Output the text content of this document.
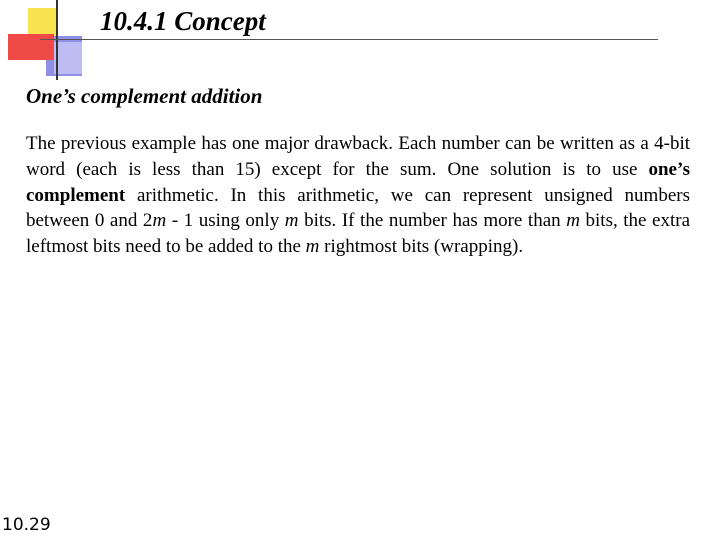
10.4.1 Concept
One’s complement addition

The previous example has one major drawback. Each number can be written as a 4-bit word (each is less than 15) except for the sum. One solution is to use one’s complement arithmetic. In this arithmetic, we can represent unsigned numbers between 0 and 2m - 1 using only m bits. If the number has more than m bits, the extra leftmost bits need to be added to the m rightmost bits (wrapping).

10.29
